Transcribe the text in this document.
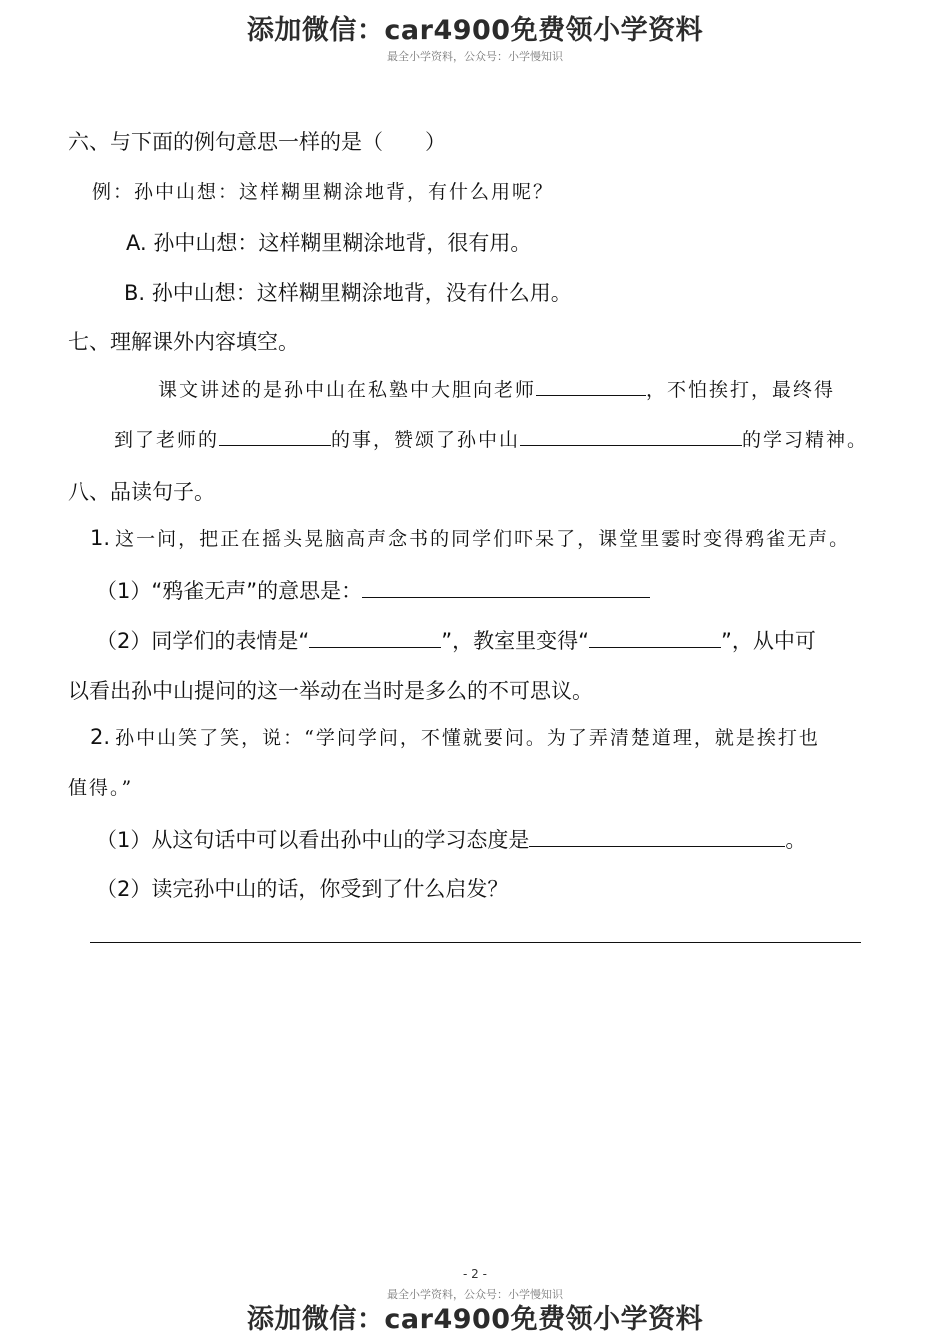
添加微信：car4900免费领小学资料
最全小学资料，公众号：小学慢知识
六、与下面的例句意思一样的是（　　）
例：孙中山想：这样糊里糊涂地背，有什么用呢？
A. 孙中山想：这样糊里糊涂地背，很有用。
B. 孙中山想：这样糊里糊涂地背，没有什么用。
七、理解课外内容填空。
课文讲述的是孙中山在私塾中大胆向老师	，不怕挨打，最终得
到了老师的	的事，赞颂了孙中山	的学习精神。
八、品读句子。
1. 这一问，把正在摇头晃脑高声念书的同学们吓呆了，课堂里霎时变得鸦雀无声。
（1）“鸦雀无声”的意思是：
（2）同学们的表情是“	”，教室里变得“	”，从中可
以看出孙中山提问的这一举动在当时是多么的不可思议。
2. 孙中山笑了笑，说：“学问学问，不懂就要问。为了弄清楚道理，就是挨打也
值得。”
（1）从这句话中可以看出孙中山的学习态度是	。
（2）读完孙中山的话，你受到了什么启发？
- 2 -
最全小学资料，公众号：小学慢知识
添加微信：car4900免费领小学资料
